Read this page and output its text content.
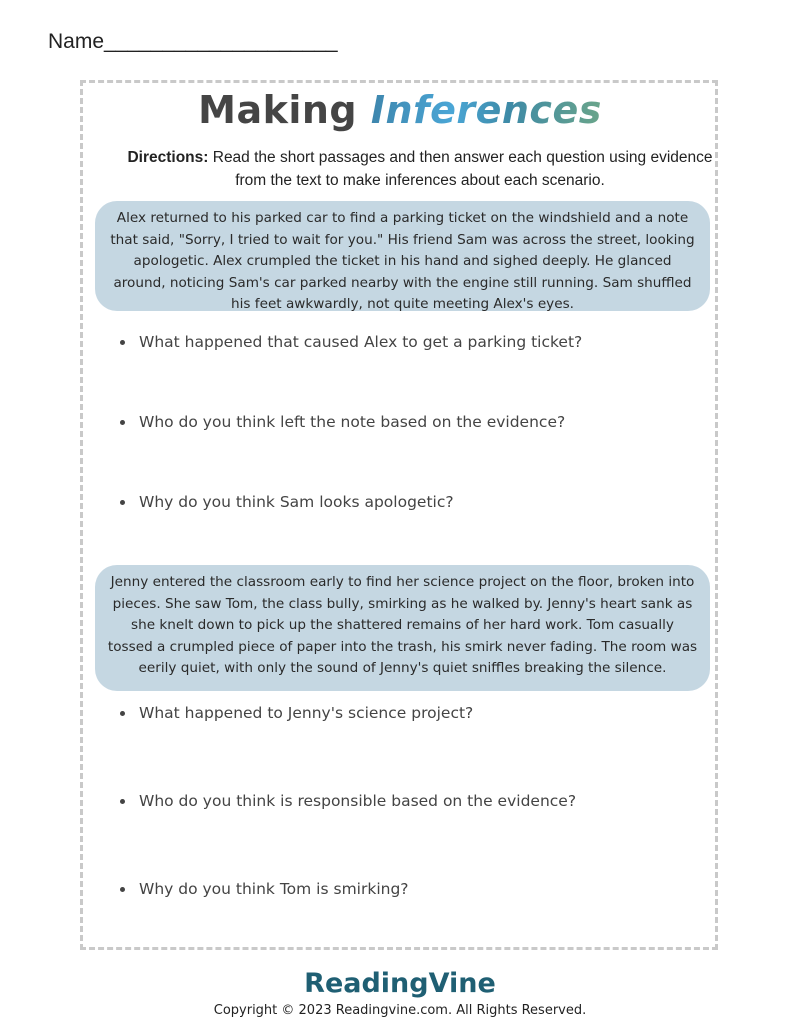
Name____________________
Making Inferences
Directions: Read the short passages and then answer each question using evidence from the text to make inferences about each scenario.
Alex returned to his parked car to find a parking ticket on the windshield and a note that said, "Sorry, I tried to wait for you." His friend Sam was across the street, looking apologetic. Alex crumpled the ticket in his hand and sighed deeply. He glanced around, noticing Sam's car parked nearby with the engine still running. Sam shuffled his feet awkwardly, not quite meeting Alex's eyes.
What happened that caused Alex to get a parking ticket?
Who do you think left the note based on the evidence?
Why do you think Sam looks apologetic?
Jenny entered the classroom early to find her science project on the floor, broken into pieces. She saw Tom, the class bully, smirking as he walked by. Jenny's heart sank as she knelt down to pick up the shattered remains of her hard work. Tom casually tossed a crumpled piece of paper into the trash, his smirk never fading. The room was eerily quiet, with only the sound of Jenny's quiet sniffles breaking the silence.
What happened to Jenny's science project?
Who do you think is responsible based on the evidence?
Why do you think Tom is smirking?
ReadingVine
Copyright © 2023 Readingvine.com. All Rights Reserved.
